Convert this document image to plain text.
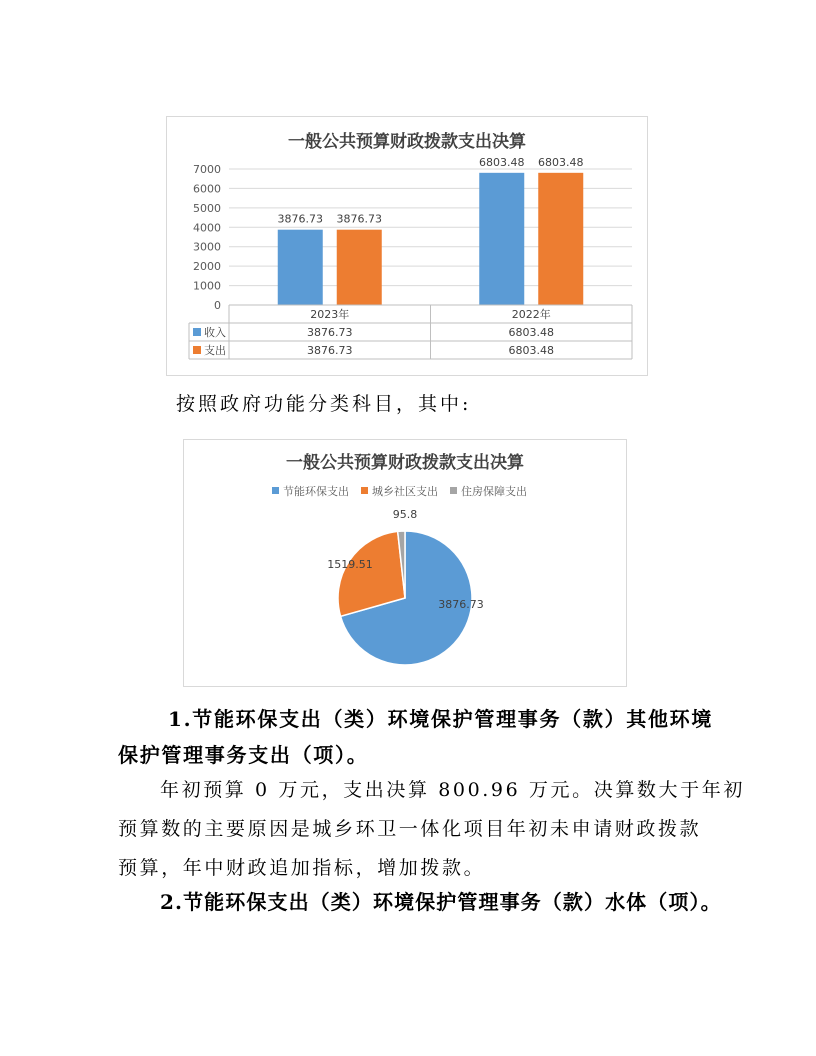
一般公共预算财政拨款支出决算
0
1000
2000
3000
4000
5000
6000
7000
3876.73 3876.73
6803.48 6803.48
2023年	2022年
收入	3876.73	6803.48
支出	3876.73	6803.48
按照政府功能分类科目，其中:
一般公共预算财政拨款支出决算
节能环保支出 城乡社区支出 住房保障支出
3876.73
1519.51
95.8
1.节能环保支出（类）环境保护管理事务（款）其他环境
保护管理事务支出（项）。
年初预算 0 万元，支出决算 800.96 万元。决算数大于年初
预算数的主要原因是城乡环卫一体化项目年初未申请财政拨款
预算，年中财政追加指标，增加拨款。
2.节能环保支出（类）环境保护管理事务（款）水体（项）。
